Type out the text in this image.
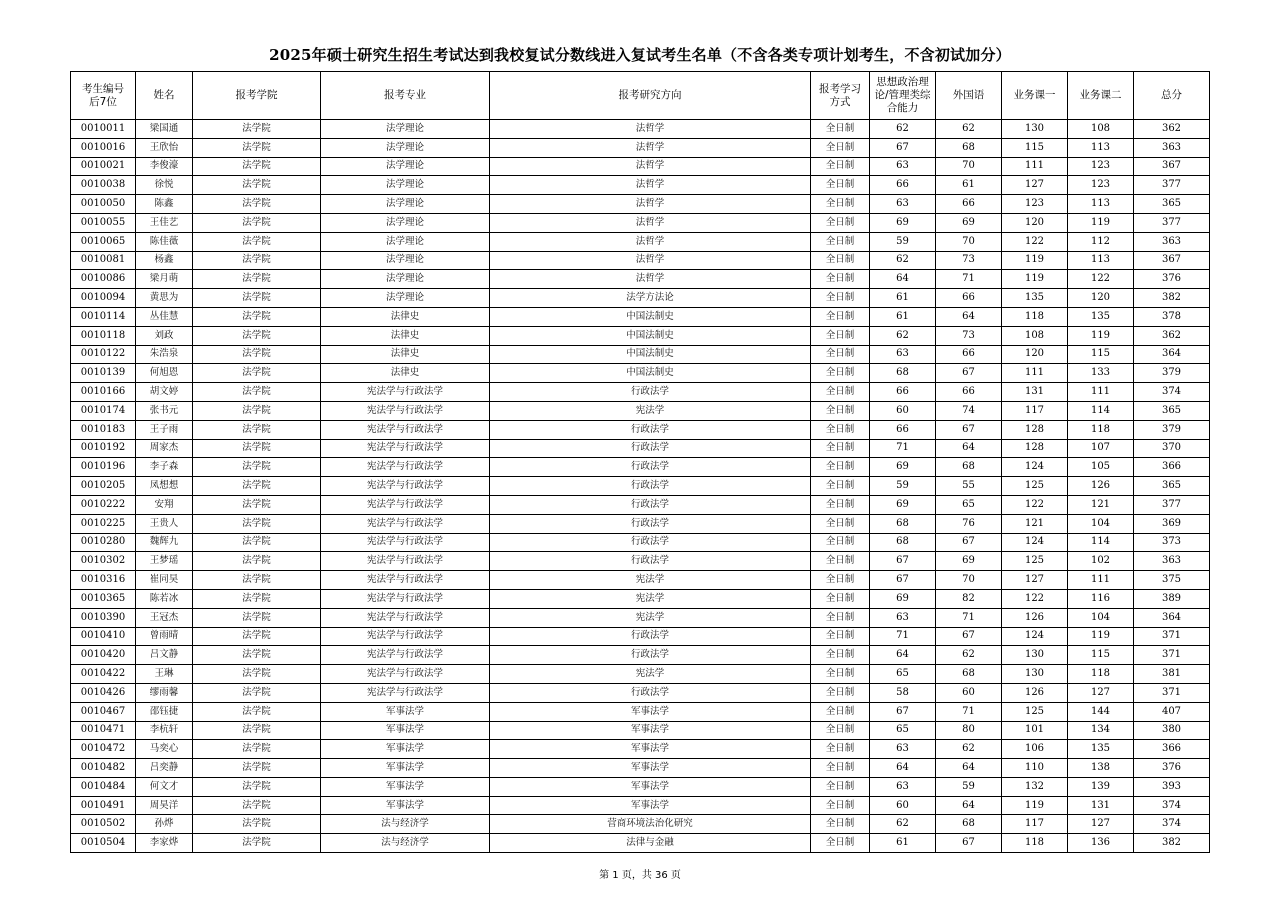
2025年硕士研究生招生考试达到我校复试分数线进入复试考生名单（不含各类专项计划考生，不含初试加分）
考生编号后7位	姓名	报考学院	报考专业	报考研究方向	报考学习方式	思想政治理论/管理类综合能力	外国语	业务课一	业务课二	总分
0010011	梁国通	法学院	法学理论	法哲学	全日制	62	62	130	108	362
0010016	王欣怡	法学院	法学理论	法哲学	全日制	67	68	115	113	363
0010021	李俊濠	法学院	法学理论	法哲学	全日制	63	70	111	123	367
0010038	徐悦	法学院	法学理论	法哲学	全日制	66	61	127	123	377
0010050	陈鑫	法学院	法学理论	法哲学	全日制	63	66	123	113	365
0010055	王佳艺	法学院	法学理论	法哲学	全日制	69	69	120	119	377
0010065	陈佳薇	法学院	法学理论	法哲学	全日制	59	70	122	112	363
0010081	杨鑫	法学院	法学理论	法哲学	全日制	62	73	119	113	367
0010086	梁月萌	法学院	法学理论	法哲学	全日制	64	71	119	122	376
0010094	黄思为	法学院	法学理论	法学方法论	全日制	61	66	135	120	382
0010114	丛佳慧	法学院	法律史	中国法制史	全日制	61	64	118	135	378
0010118	刘政	法学院	法律史	中国法制史	全日制	62	73	108	119	362
0010122	朱浩泉	法学院	法律史	中国法制史	全日制	63	66	120	115	364
0010139	何旭恩	法学院	法律史	中国法制史	全日制	68	67	111	133	379
0010166	胡文婷	法学院	宪法学与行政法学	行政法学	全日制	66	66	131	111	374
0010174	张书元	法学院	宪法学与行政法学	宪法学	全日制	60	74	117	114	365
0010183	王子雨	法学院	宪法学与行政法学	行政法学	全日制	66	67	128	118	379
0010192	周家杰	法学院	宪法学与行政法学	行政法学	全日制	71	64	128	107	370
0010196	李子森	法学院	宪法学与行政法学	行政法学	全日制	69	68	124	105	366
0010205	凤想想	法学院	宪法学与行政法学	行政法学	全日制	59	55	125	126	365
0010222	安翔	法学院	宪法学与行政法学	行政法学	全日制	69	65	122	121	377
0010225	王贵人	法学院	宪法学与行政法学	行政法学	全日制	68	76	121	104	369
0010280	魏辉九	法学院	宪法学与行政法学	行政法学	全日制	68	67	124	114	373
0010302	王梦瑶	法学院	宪法学与行政法学	行政法学	全日制	67	69	125	102	363
0010316	崔同昊	法学院	宪法学与行政法学	宪法学	全日制	67	70	127	111	375
0010365	陈若冰	法学院	宪法学与行政法学	宪法学	全日制	69	82	122	116	389
0010390	王冠杰	法学院	宪法学与行政法学	宪法学	全日制	63	71	126	104	364
0010410	曾雨晴	法学院	宪法学与行政法学	行政法学	全日制	71	67	124	119	371
0010420	吕文静	法学院	宪法学与行政法学	行政法学	全日制	64	62	130	115	371
0010422	王琳	法学院	宪法学与行政法学	宪法学	全日制	65	68	130	118	381
0010426	缪雨馨	法学院	宪法学与行政法学	行政法学	全日制	58	60	126	127	371
0010467	邵钰捷	法学院	军事法学	军事法学	全日制	67	71	125	144	407
0010471	李杭轩	法学院	军事法学	军事法学	全日制	65	80	101	134	380
0010472	马奕心	法学院	军事法学	军事法学	全日制	63	62	106	135	366
0010482	吕奕静	法学院	军事法学	军事法学	全日制	64	64	110	138	376
0010484	何文才	法学院	军事法学	军事法学	全日制	63	59	132	139	393
0010491	周昊洋	法学院	军事法学	军事法学	全日制	60	64	119	131	374
0010502	孙烨	法学院	法与经济学	营商环境法治化研究	全日制	62	68	117	127	374
0010504	李家烨	法学院	法与经济学	法律与金融	全日制	61	67	118	136	382
第 1 页，共 36 页
